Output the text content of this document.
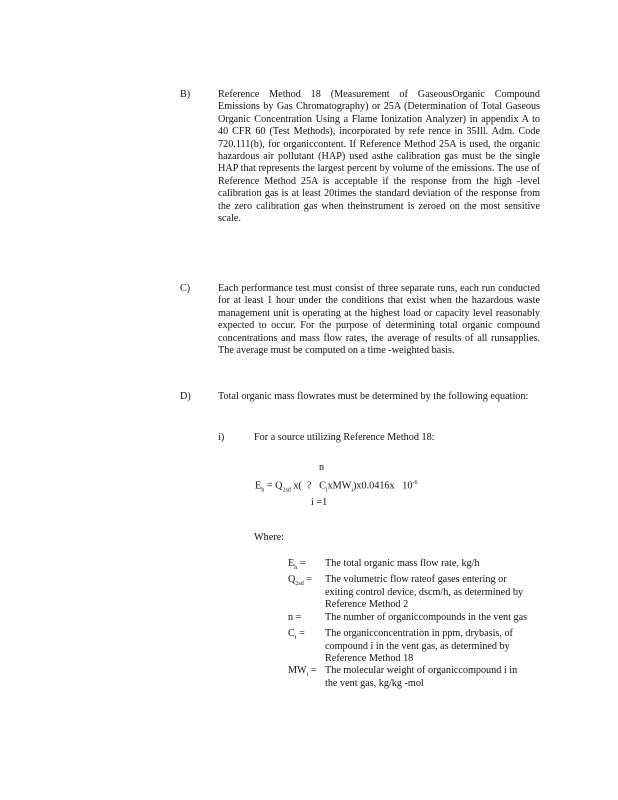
B)	Reference Method 18 (Measurement of GaseousOrganic Compound Emissions by Gas Chromatography) or 25A (Determination of Total Gaseous Organic Concentration Using a Flame Ionization Analyzer) in appendix A to 40 CFR 60 (Test Methods), incorporated by refe rence in 35Ill. Adm. Code 720.111(b), for organiccontent. If Reference Method 25A is used, the organic hazardous air pollutant (HAP) used asthe calibration gas must be the single HAP that represents the largest percent by volume of the emissions. The use of Reference Method 25A is acceptable if the response from the high -level calibration gas is at least 20times the standard deviation of the response from the zero calibration gas when theinstrument is zeroed on the most sensitive scale.
C)	Each performance test must consist of three separate runs, each run conducted for at least 1 hour under the conditions that exist when the hazardous waste management unit is operating at the highest load or capacity level reasonably expected to occur. For the purpose of determining total organic compound concentrations and mass flow rates, the average of results of all runsapplies. The average must be computed on a time -weighted basis.
D)	Total organic mass flowrates must be determined by the following equation:
i)	For a source utilizing Reference Method 18:
n
$E_h = Q_{2sd}$ x( ? $C_ixMW_i)x0.0416x$ $10^{-6}$
i =1
Where:
$E_h$ =	The total organic mass flow rate, kg/h
$Q_{2sd}$ =	The volumetric flow rateof gases entering or exiting control device, dscm/h, as determined by Reference Method 2
n =	The number of organiccompounds in the vent gas
$C_i$ =	The organicconcentration in ppm, drybasis, of compound i in the vent gas, as determined by Reference Method 18
$MW_i$ = The molecular weight of organiccompound i in the vent gas, kg/kg -mol
